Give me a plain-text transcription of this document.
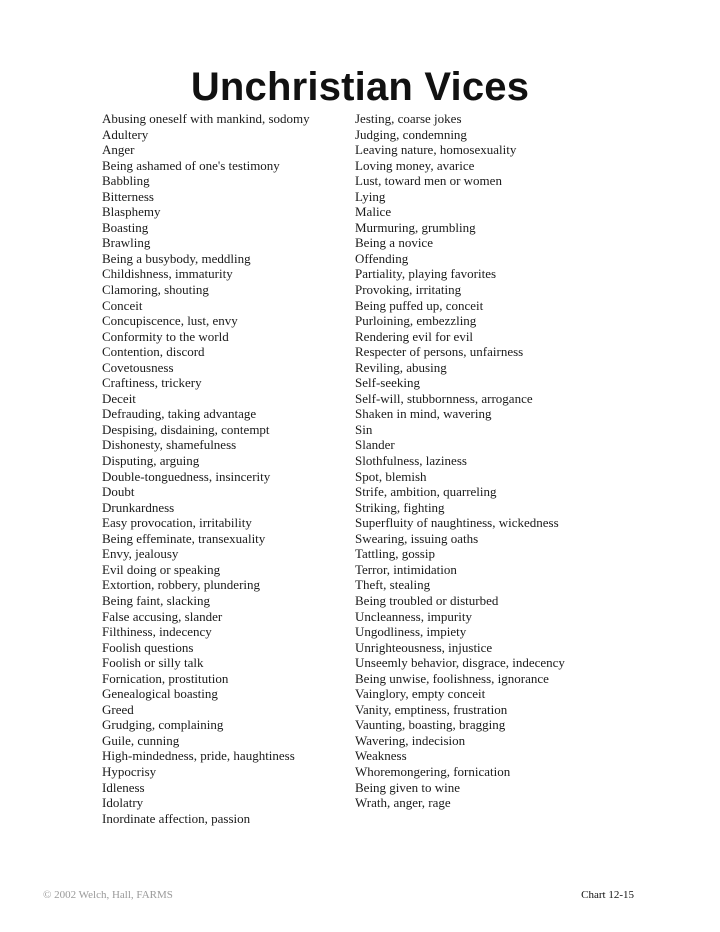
Unchristian Vices
Abusing oneself with mankind, sodomy
Adultery
Anger
Being ashamed of one's testimony
Babbling
Bitterness
Blasphemy
Boasting
Brawling
Being a busybody, meddling
Childishness, immaturity
Clamoring, shouting
Conceit
Concupiscence, lust, envy
Conformity to the world
Contention, discord
Covetousness
Craftiness, trickery
Deceit
Defrauding, taking advantage
Despising, disdaining, contempt
Dishonesty, shamefulness
Disputing, arguing
Double-tonguedness, insincerity
Doubt
Drunkardness
Easy provocation, irritability
Being effeminate, transexuality
Envy, jealousy
Evil doing or speaking
Extortion, robbery, plundering
Being faint, slacking
False accusing, slander
Filthiness, indecency
Foolish questions
Foolish or silly talk
Fornication, prostitution
Genealogical boasting
Greed
Grudging, complaining
Guile, cunning
High-mindedness, pride, haughtiness
Hypocrisy
Idleness
Idolatry
Inordinate affection, passion
Jesting, coarse jokes
Judging, condemning
Leaving nature, homosexuality
Loving money, avarice
Lust, toward men or women
Lying
Malice
Murmuring, grumbling
Being a novice
Offending
Partiality, playing favorites
Provoking, irritating
Being puffed up, conceit
Purloining, embezzling
Rendering evil for evil
Respecter of persons, unfairness
Reviling, abusing
Self-seeking
Self-will, stubbornness, arrogance
Shaken in mind, wavering
Sin
Slander
Slothfulness, laziness
Spot, blemish
Strife, ambition, quarreling
Striking, fighting
Superfluity of naughtiness, wickedness
Swearing, issuing oaths
Tattling, gossip
Terror, intimidation
Theft, stealing
Being troubled or disturbed
Uncleanness, impurity
Ungodliness, impiety
Unrighteousness, injustice
Unseemly behavior, disgrace, indecency
Being unwise, foolishness, ignorance
Vainglory, empty conceit
Vanity, emptiness, frustration
Vaunting, boasting, bragging
Wavering, indecision
Weakness
Whoremongering, fornication
Being given to wine
Wrath, anger, rage
© 2002 Welch, Hall, FARMS	Chart 12-15
